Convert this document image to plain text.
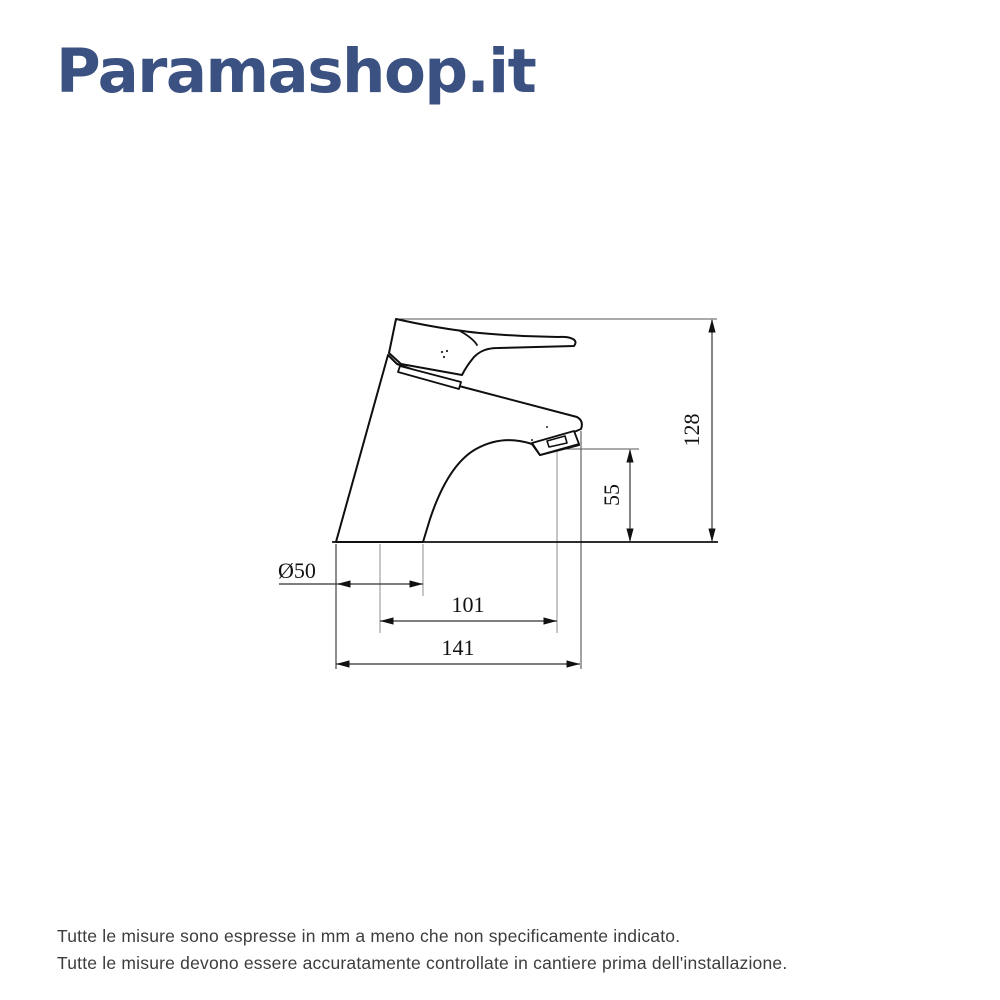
Paramashop.it
Ø50
101
141
55
128

Tutte le misure sono espresse in mm a meno che non specificamente indicato.

Tutte le misure devono essere accuratamente controllate in cantiere prima dell'installazione.
